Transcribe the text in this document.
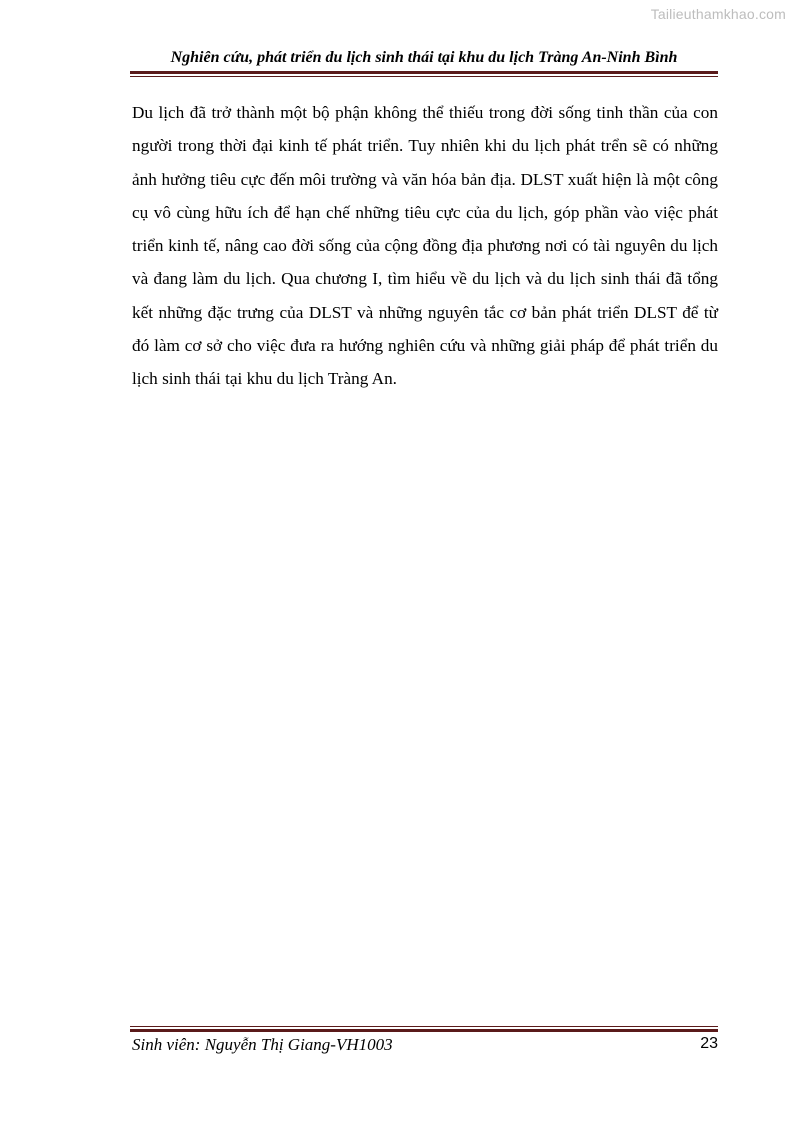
Tailieuthamkhao.com
Nghiên cứu, phát triển du lịch sinh thái tại khu du lịch Tràng An-Ninh Bình

Du lịch đã trở thành một bộ phận không thể thiếu trong đời sống tinh thần của con người trong thời đại kinh tế phát triển. Tuy nhiên khi du lịch phát trển sẽ có những ảnh hưởng tiêu cực đến môi trường và văn hóa bản địa. DLST xuất hiện là một công cụ vô cùng hữu ích để hạn chế những tiêu cực của du lịch, góp phần vào việc phát triển kinh tế, nâng cao đời sống của cộng đồng địa phương nơi có tài nguyên du lịch và đang làm du lịch. Qua chương I, tìm hiểu về du lịch và du lịch sinh thái đã tổng kết những đặc trưng của DLST và những nguyên tắc cơ bản phát triển DLST để từ đó làm cơ sở cho việc đưa ra hướng nghiên cứu và những giải pháp để phát triển du lịch sinh thái tại khu du lịch Tràng An.

Sinh viên: Nguyễn Thị Giang-VH1003	23
